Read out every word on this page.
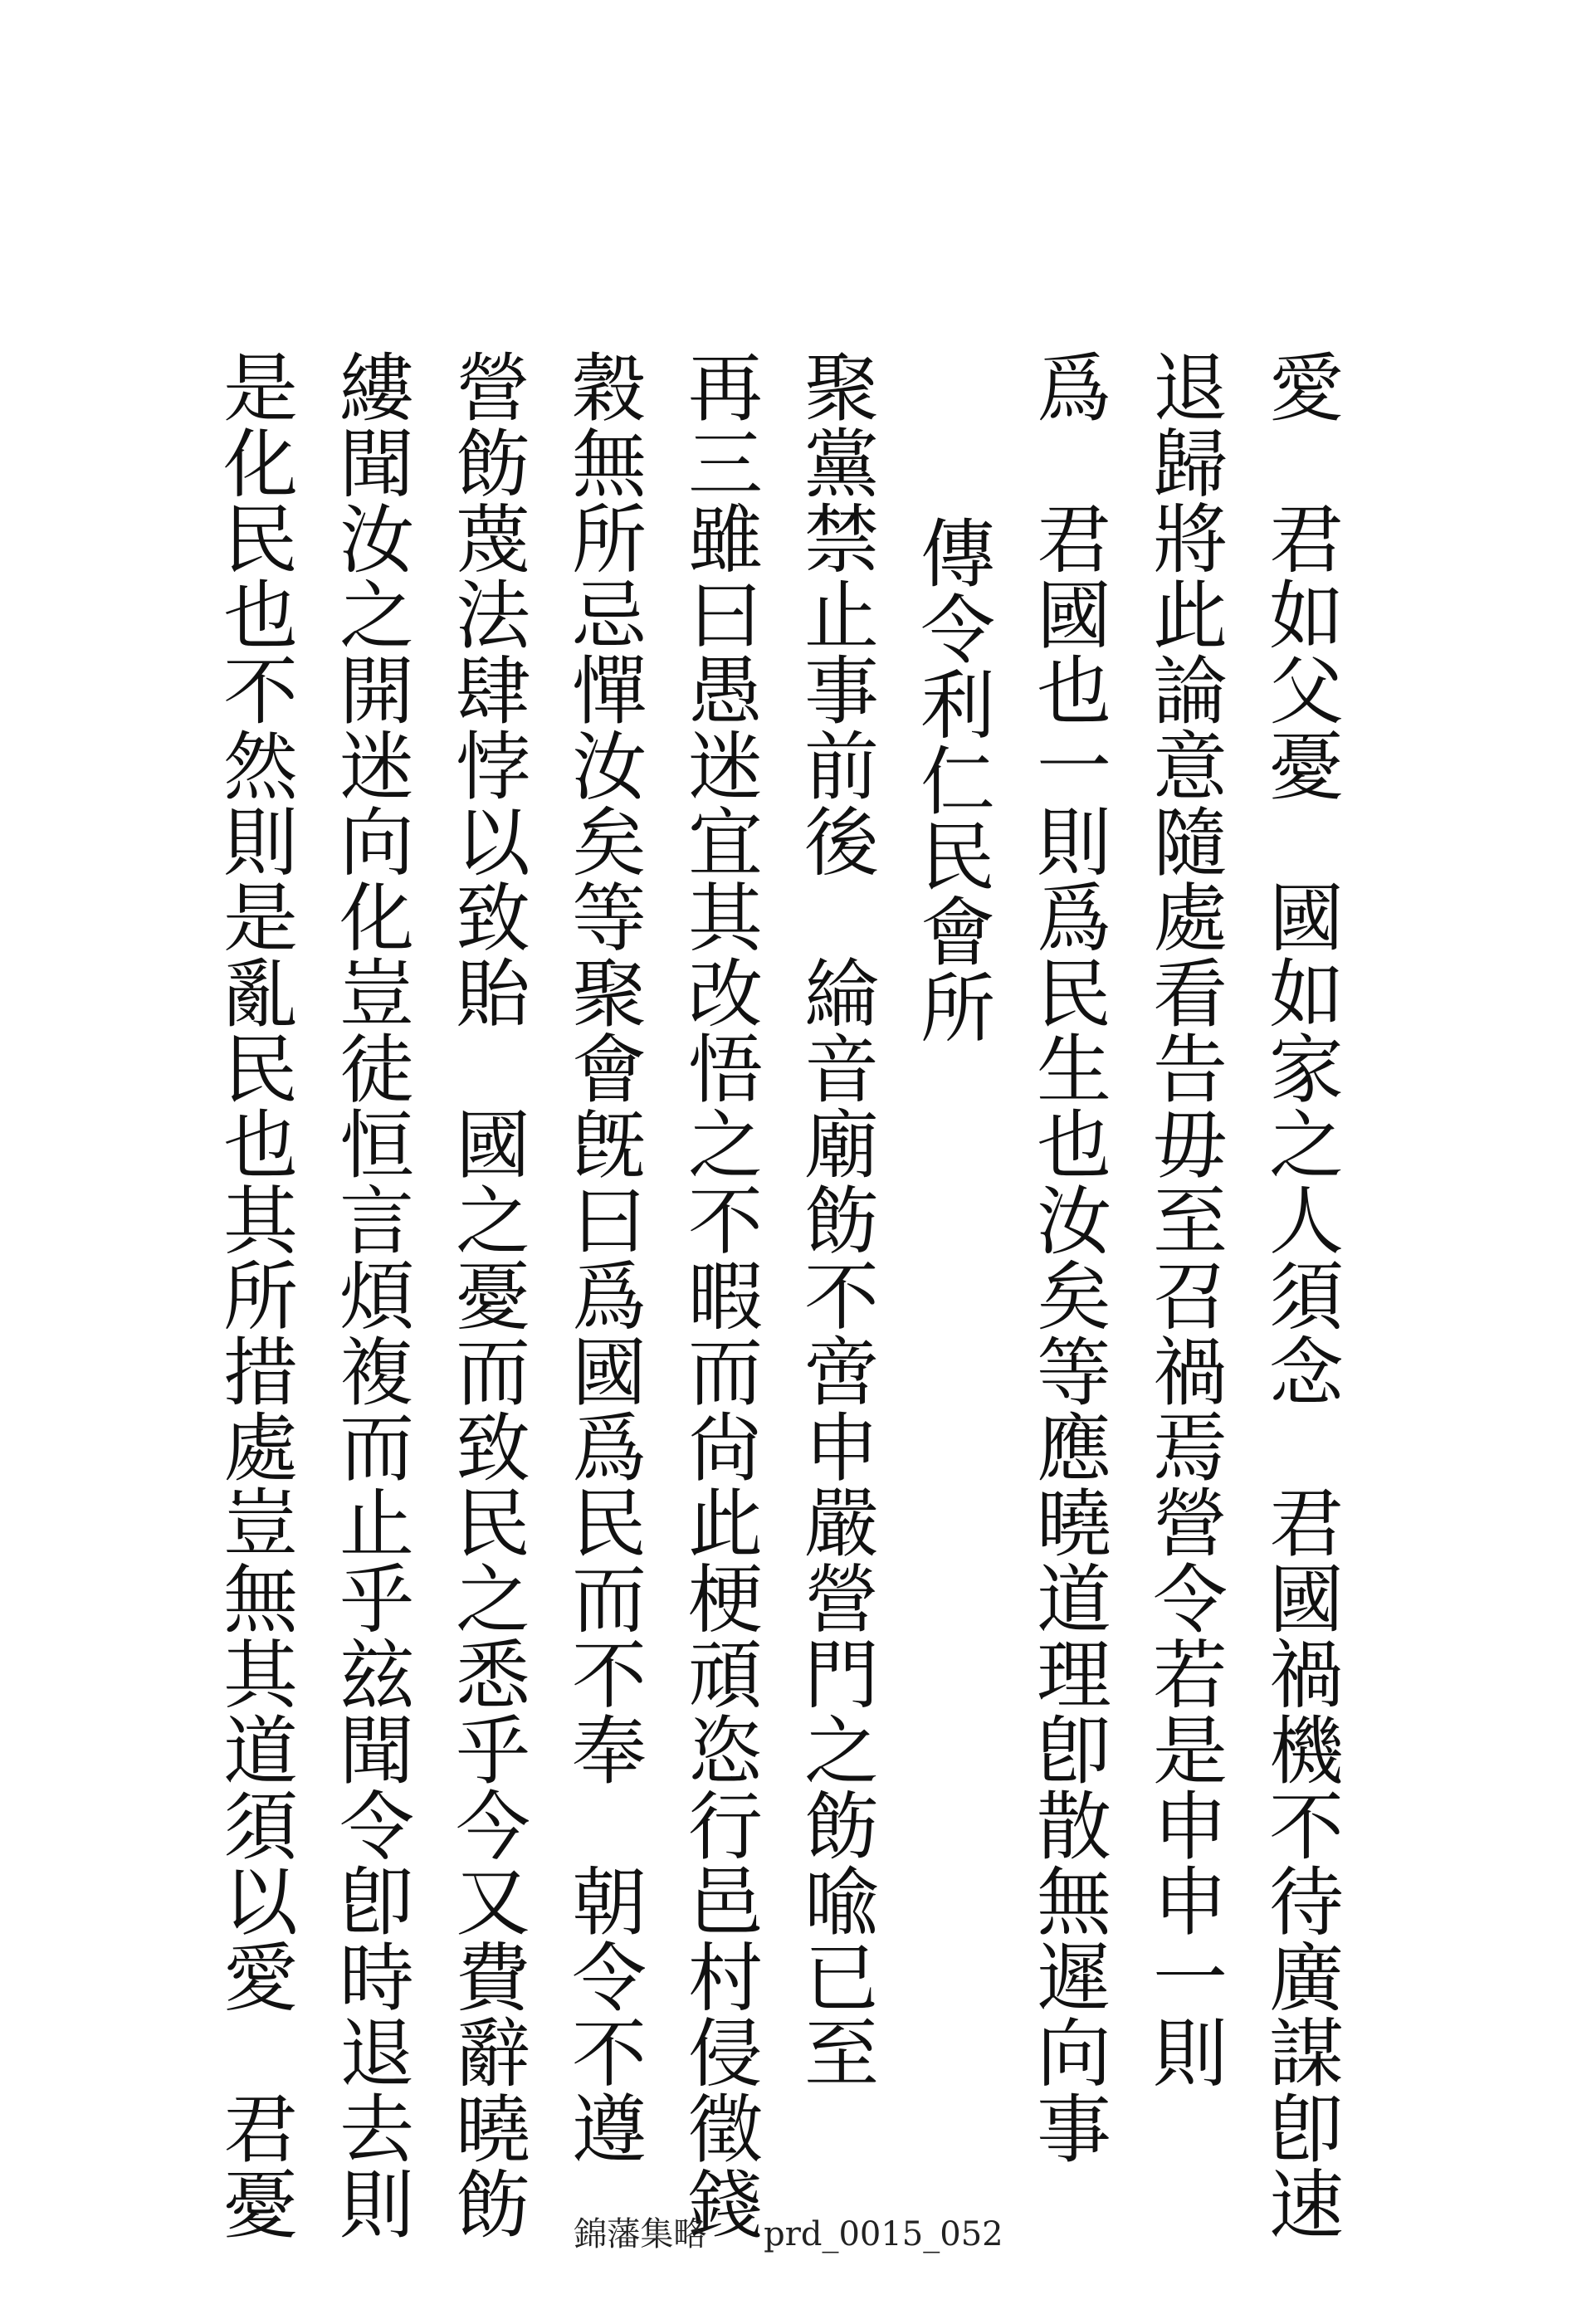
愛　君如父憂　國如家之人須念　君國禍機不待廣謀卽速
退歸將此論意隨處看告毋至召禍焉營令若是申申一則
爲　君國也一則爲民生也汝矣等應曉道理卽散無遲向事
傳令利仁民會所
聚黨禁止事前後　綸音廟飭不啻申嚴營門之飭喩已至
再三雖曰愚迷宜其改悟之不暇而尙此梗頑恣行邑村侵徵錢
穀無所忌憚汝矣等聚會旣曰爲國爲民而不奉　朝令不遵
營飭蔑法肆悖以致貽　國之憂而致民之悉乎今又費辭曉飭
縷聞汝之開迷向化豈徒恒言煩複而止乎玆聞令卽時退去則
是化民也不然則是亂民也其所措處豈無其道須以愛　君憂	錦藩集略 prd_0015_052
